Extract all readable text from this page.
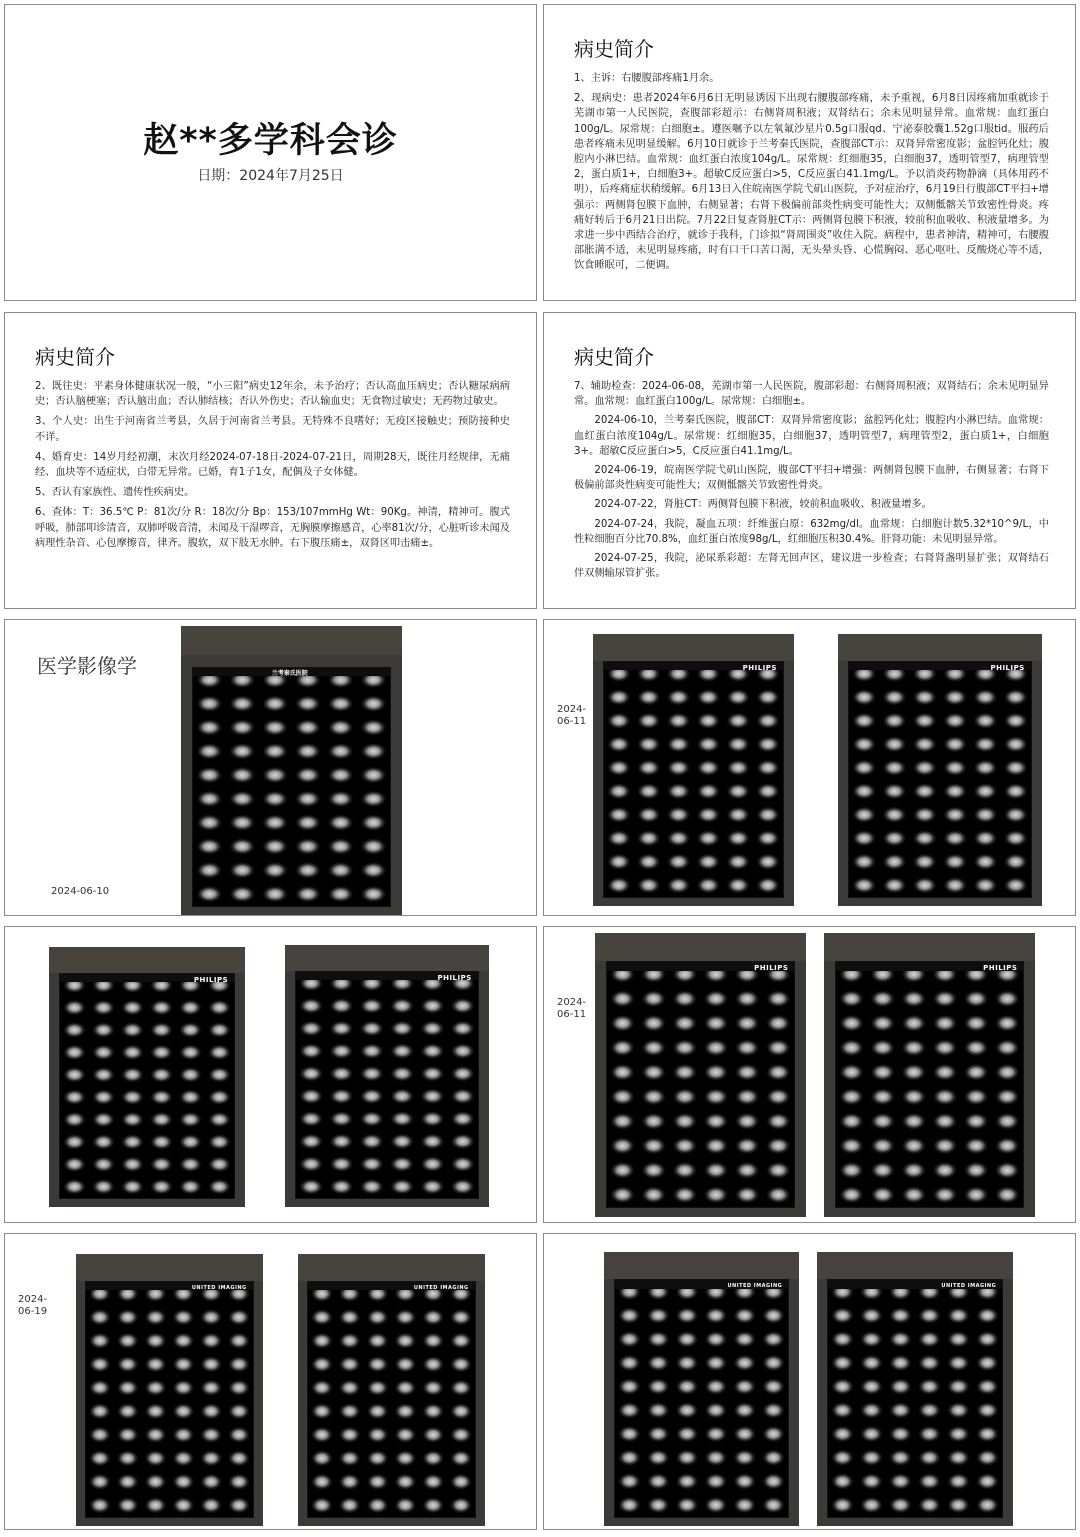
赵**多学科会诊
日期：2024年7月25日
病史简介

1、主诉：右腰腹部疼痛1月余。

2、现病史：患者2024年6月6日无明显诱因下出现右腰腹部疼痛，未予重视，6月8日因疼痛加重就诊于芜湖市第一人民医院，查腹部彩超示：右侧肾周积液；双肾结石；余未见明显异常。血常规：血红蛋白100g/L。尿常规：白细胞±。遵医嘱予以左氧氟沙星片0.5g口服qd、宁泌泰胶囊1.52g口服tid。服药后患者疼痛未见明显缓解。6月10日就诊于兰考秦氏医院，查腹部CT示：双肾异常密度影；盆腔钙化灶；腹腔内小淋巴结。血常规：血红蛋白浓度104g/L。尿常规：红细胞35，白细胞37，透明管型7，病理管型2，蛋白质1+，白细胞3+。超敏C反应蛋白>5，C反应蛋白41.1mg/L。予以消炎药物静滴（具体用药不明），后疼痛症状稍缓解。6月13日入住皖南医学院弋矶山医院，予对症治疗，6月19日行腹部CT平扫+增强示：两侧肾包膜下血肿，右侧显著；右肾下极偏前部炎性病变可能性大；双侧骶髂关节致密性骨炎。疼痛好转后于6月21日出院。7月22日复查肾脏CT示：两侧肾包膜下积液，较前积血吸收、积液量增多。为求进一步中西结合治疗，就诊于我科，门诊拟“肾周围炎”收住入院。病程中，患者神清，精神可，右腰腹部胀满不适，未见明显疼痛，时有口干口苦口渴，无头晕头昏、心慌胸闷、恶心呕吐、反酸烧心等不适，饮食睡眠可，二便调。

病史简介

2、既往史：平素身体健康状况一般，“小三阳”病史12年余，未予治疗；否认高血压病史；否认糖尿病病史；否认脑梗塞；否认脑出血；否认肺结核；否认外伤史；否认输血史；无食物过敏史；无药物过敏史。

3、个人史：出生于河南省兰考县，久居于河南省兰考县。无特殊不良嗜好；无疫区接触史；预防接种史不详。

4、婚育史：14岁月经初潮，末次月经2024-07-18日-2024-07-21日，周期28天，既往月经规律，无痛经、血块等不适症状，白带无异常。已婚，育1子1女，配偶及子女体健。

5、否认有家族性、遗传性疾病史。

6、查体：T：36.5℃ P：81次/分 R：18次/分 Bp：153/107mmHg Wt：90Kg。神清，精神可。腹式呼吸，肺部叩诊清音，双肺呼吸音清，未闻及干湿啰音，无胸膜摩擦感音，心率81次/分，心脏听诊未闻及病理性杂音、心包摩擦音，律齐。腹软，双下肢无水肿。右下腹压痛±，双肾区叩击痛±。

病史简介

7、辅助检查：2024-06-08，芜湖市第一人民医院，腹部彩超：右侧肾周积液；双肾结石；余未见明显异常。血常规：血红蛋白100g/L。尿常规：白细胞±。

2024-06-10，兰考秦氏医院，腹部CT：双肾异常密度影；盆腔钙化灶；腹腔内小淋巴结。血常规：血红蛋白浓度104g/L。尿常规：红细胞35，白细胞37，透明管型7，病理管型2，蛋白质1+，白细胞3+。超敏C反应蛋白>5，C反应蛋白41.1mg/L。

2024-06-19，皖南医学院弋矶山医院，腹部CT平扫+增强：两侧肾包膜下血肿，右侧显著；右肾下极偏前部炎性病变可能性大；双侧骶髂关节致密性骨炎。

2024-07-22，肾脏CT：两侧肾包膜下积液，较前积血吸收、积液量增多。

2024-07-24，我院，凝血五项：纤维蛋白原：632mg/dl。血常规：白细胞计数5.32*10^9/L，中性粒细胞百分比70.8%，血红蛋白浓度98g/L，红细胞压积30.4%。肝肾功能：未见明显异常。

2024-07-25，我院，泌尿系彩超：左肾无回声区，建议进一步检查；右肾肾盏明显扩张；双肾结石伴双侧输尿管扩张。

医学影像学
2024-06-10
兰考秦氏医院
2024-
06-11
PHILIPS	PHILIPS
PHILIPS	PHILIPS
2024-
06-11
PHILIPS	PHILIPS
2024-
06-19
UNITED IMAGING	UNITED IMAGING	UNITED IMAGING	UNITED IMAGING
